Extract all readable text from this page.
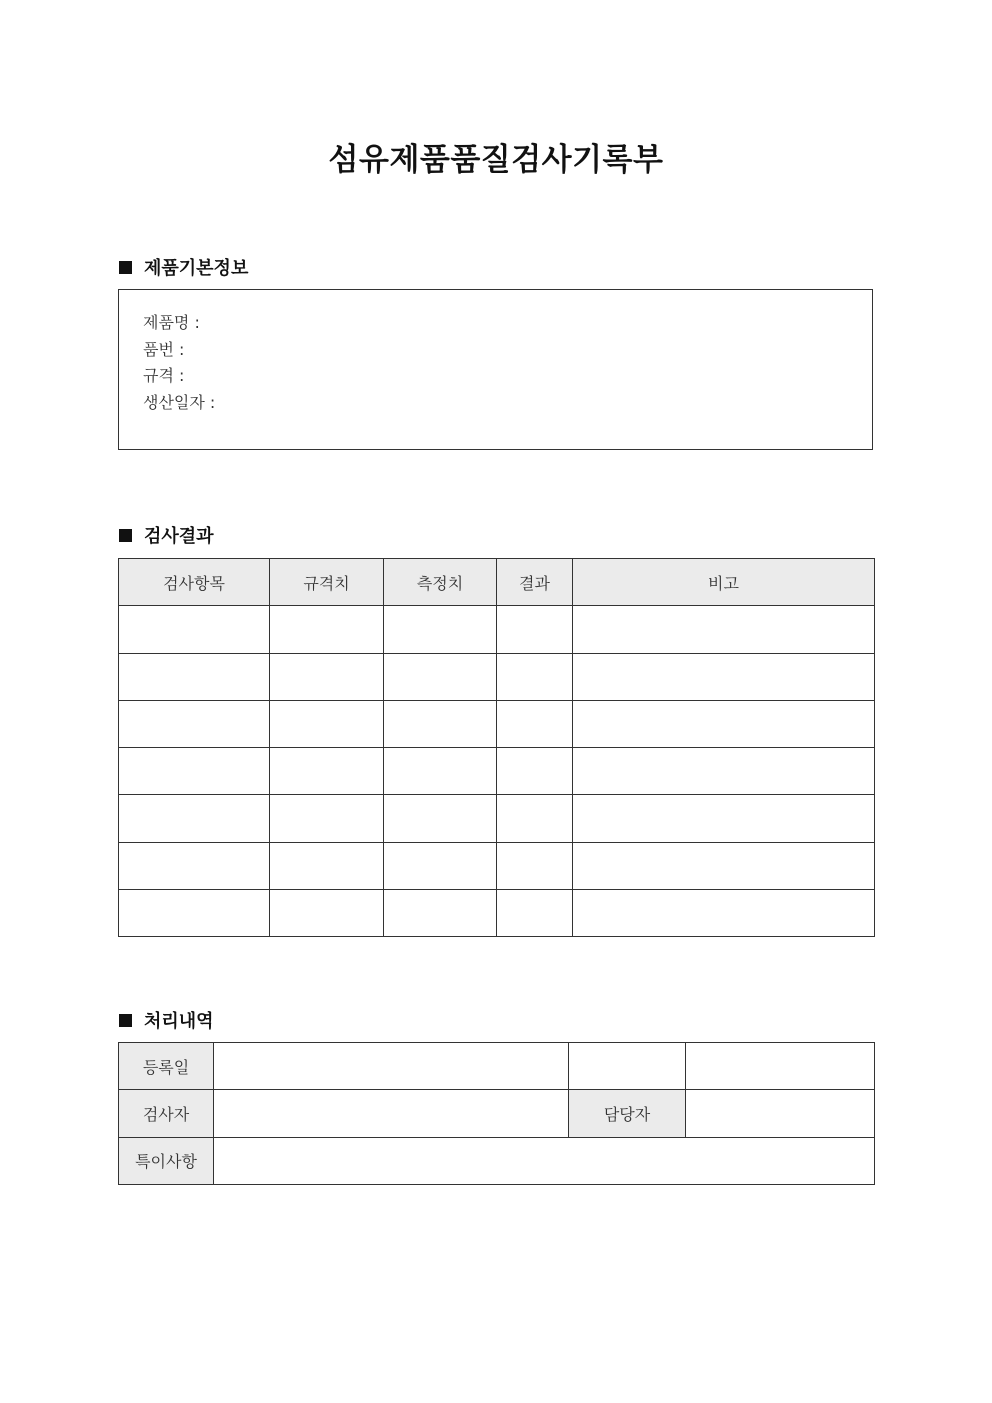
섬유제품품질검사기록부
제품기본정보
제품명 :
품번 :
규격 :
생산일자 :
검사결과
검사항목	규격치	측정치	결과	비고

처리내역
등록일			
검사자		담당자	
특이사항			
